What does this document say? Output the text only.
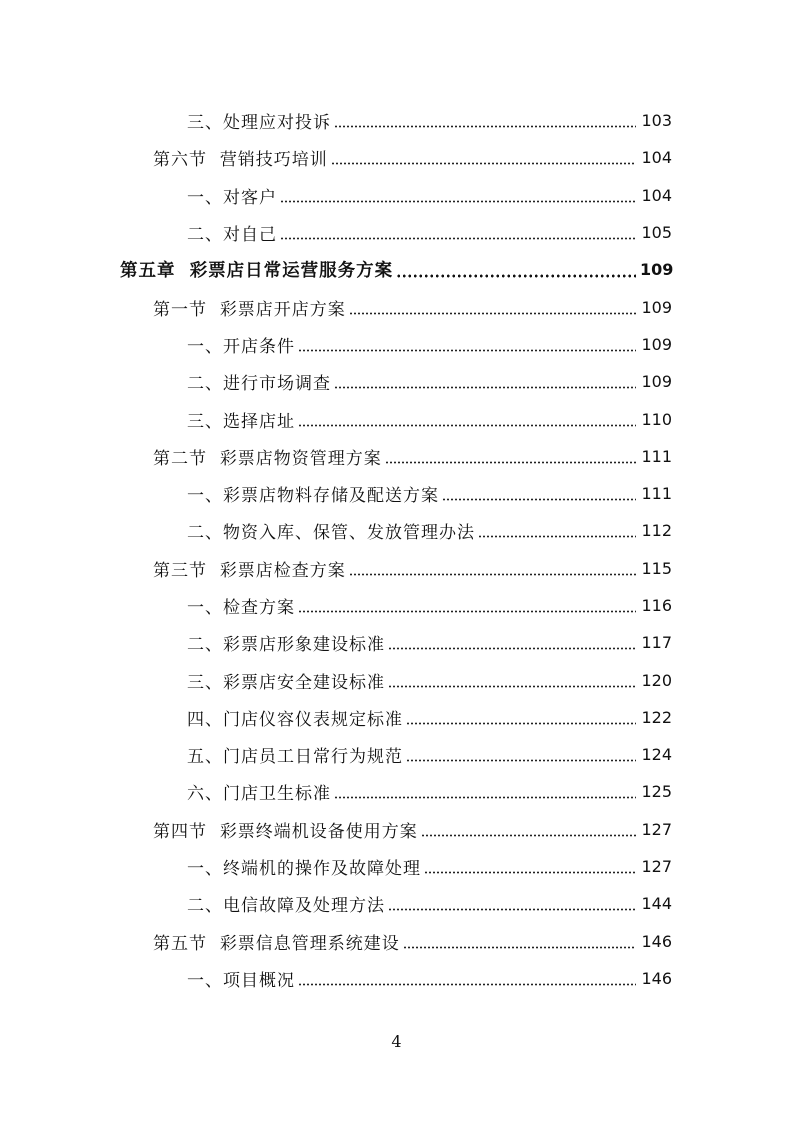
三、 处理应对投诉	103
第六节 营销技巧培训	104
一、 对客户	104
二、 对自己	105
第五章 彩票店日常运营服务方案	109
第一节 彩票店开店方案	109
一、 开店条件	109
二、 进行市场调查	109
三、 选择店址	110
第二节 彩票店物资管理方案	111
一、 彩票店物料存储及配送方案	111
二、 物资入库、保管、发放管理办法	112
第三节 彩票店检查方案	115
一、 检查方案	116
二、 彩票店形象建设标准	117
三、 彩票店安全建设标准	120
四、 门店仪容仪表规定标准	122
五、 门店员工日常行为规范	124
六、 门店卫生标准	125
第四节 彩票终端机设备使用方案	127
一、 终端机的操作及故障处理	127
二、 电信故障及处理方法	144
第五节 彩票信息管理系统建设	146
一、 项目概况	146
4
